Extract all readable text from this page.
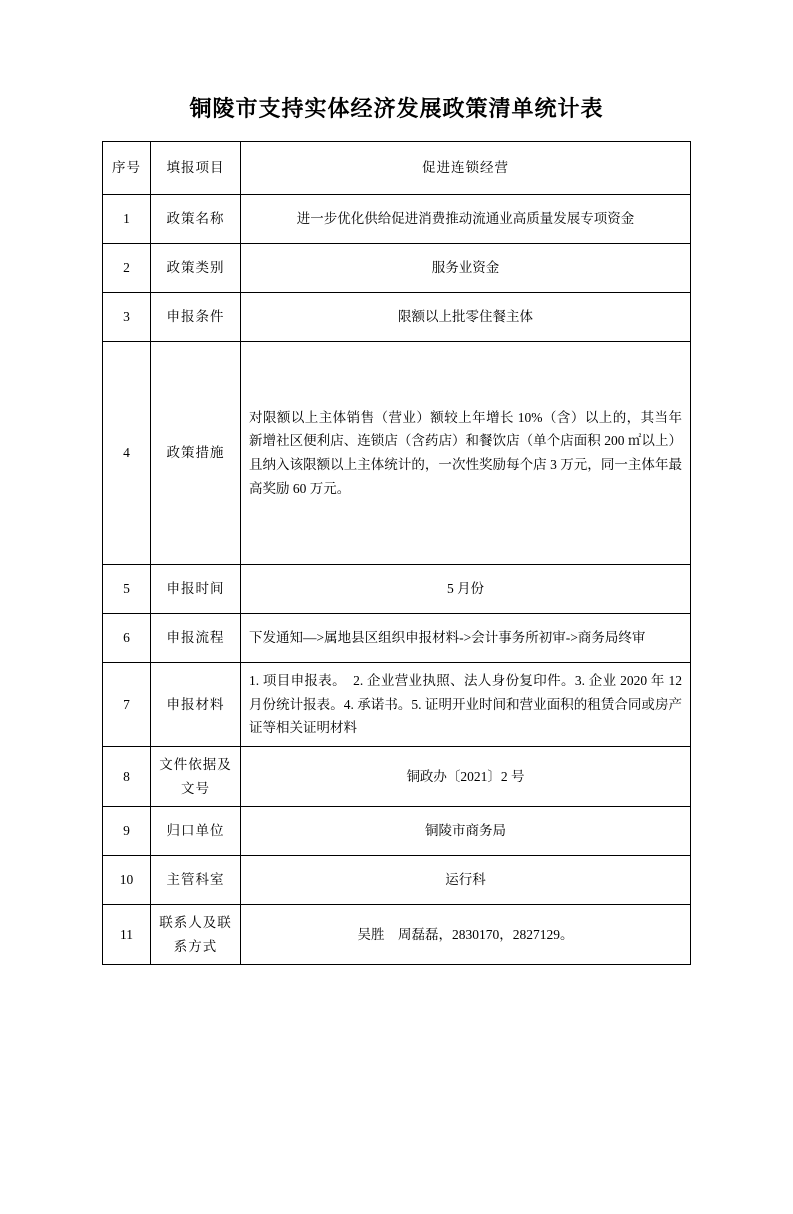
铜陵市支持实体经济发展政策清单统计表
序号	填报项目	促进连锁经营
1	政策名称	进一步优化供给促进消费推动流通业高质量发展专项资金
2	政策类别	服务业资金
3	申报条件	限额以上批零住餐主体
4	政策措施	对限额以上主体销售（营业）额较上年增长 10%（含）以上的，其当年新增社区便利店、连锁店（含药店）和餐饮店（单个店面积 200 ㎡以上）且纳入该限额以上主体统计的，一次性奖励每个店 3 万元，同一主体年最高奖励 60 万元。
5	申报时间	5 月份
6	申报流程	下发通知—>属地县区组织申报材料->会计事务所初审->商务局终审
7	申报材料	1. 项目申报表。　2. 企业营业执照、法人身份复印件。3. 企业 2020 年 12 月份统计报表。4. 承诺书。5. 证明开业时间和营业面积的租赁合同或房产证等相关证明材料
8	文件依据及文号	铜政办〔2021〕2 号
9	归口单位	铜陵市商务局
10	主管科室	运行科
11	联系人及联系方式	吴胜　周磊磊，2830170，2827129。
